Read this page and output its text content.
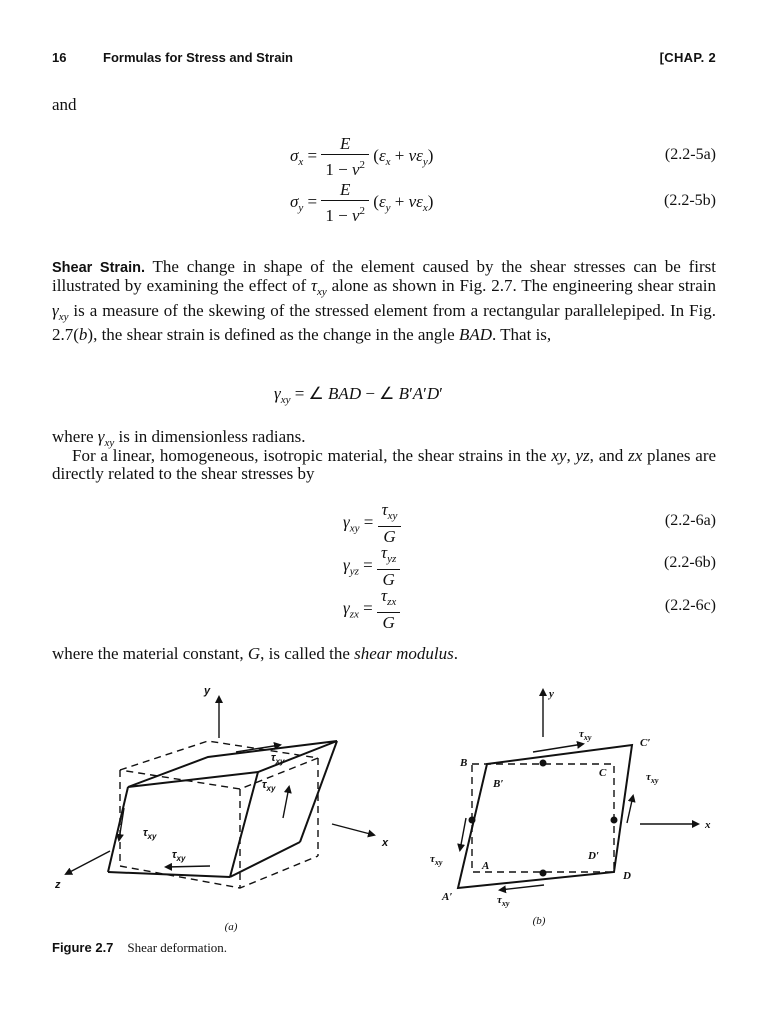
16	Formulas for Stress and Strain	[CHAP. 2
and
$\sigma_x = \frac{E}{1 - \nu^2} (\varepsilon_x + \nu\varepsilon_y)$	(2.2-5a)
$\sigma_y = \frac{E}{1 - \nu^2} (\varepsilon_y + \nu\varepsilon_x)$	(2.2-5b)
Shear Strain. The change in shape of the element caused by the shear stresses can be first illustrated by examining the effect of $\tau_{xy}$ alone as shown in Fig. 2.7. The engineering shear strain $\gamma_{xy}$ is a measure of the skewing of the stressed element from a rectangular parallelepiped. In Fig. 2.7(b), the shear strain is defined as the change in the angle BAD. That is,
$\gamma_{xy}$ = ∠ BAD − ∠ B′A′D′
where $\gamma_{xy}$ is in dimensionless radians.
For a linear, homogeneous, isotropic material, the shear strains in the xy, yz, and zx planes are directly related to the shear stresses by
$\gamma_{xy} = \frac{\tau_{xy}}{G}$	(2.2-6a)
$\gamma_{yz} = \frac{\tau_{yz}}{G}$	(2.2-6b)
$\gamma_{zx} = \frac{\tau_{zx}}{G}$	(2.2-6c)
where the material constant, G, is called the shear modulus.
y
x
z
$\tau_{xy}$
$\tau_{xy}$
$\tau_{xy}$
$\tau_{xy}$
(a)
y
x
B
B′
C
C′
A
A′
D
D′
$\tau_{xy}$
$\tau_{xy}$
$\tau_{xy}$
$\tau_{xy}$
(b)
Figure 2.7 Shear deformation.
